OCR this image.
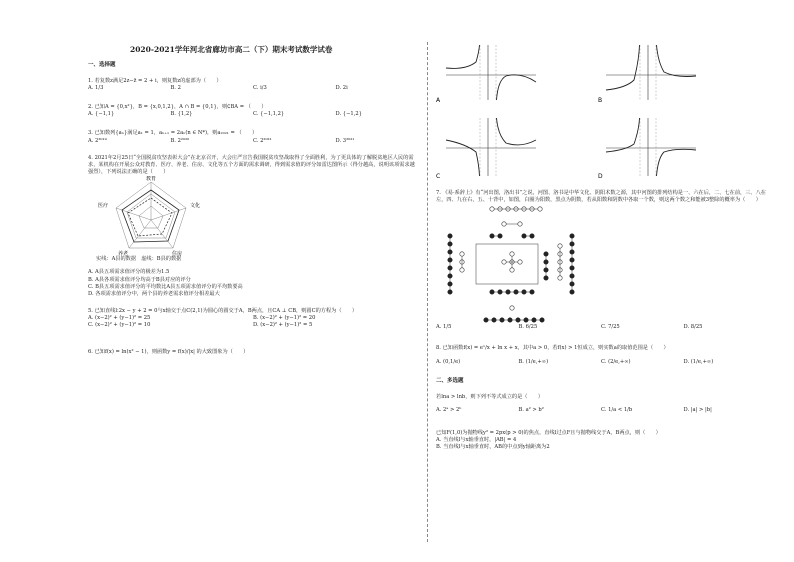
2020-2021学年河北省廊坊市高二（下）期末考试数学试卷
一、选择题
1. 若复数z满足2z−z̄ = 2 + i，则复数z的虚部为（　　）
A. 1/3	B. 2	C. i/3	D. 2i
2. 已知A = {0,x²}，B = {x,0,1,2}，A ∩ B = {0,1}，则∁BA = （　　）
A. {−1,1}	B. {1,2}	C. {−1,1,2}	D. {−1,2}
3. 已知数列{aₙ}满足a₁ = 1，aₙ₊₁ = 2aₙ(n ∈ N*)，则a₂₀₂₁ = （　　）
A. 2²⁰¹⁹	B. 2²⁰²⁰	C. 2²⁰²¹	D. 3²⁰²¹
4. 2021年2月25日“全国脱贫攻坚表彰大会”在北京召开，大会庄严宣告我国脱贫攻坚战取得了全面胜利，为了更具体的了解脱贫地区人民的需求，某机构在开展公众对教育、医疗、养老、住房、文化等五个方面的需求调研，得到需求值的评分如雷达图所示（得分越高，说明该项需求越强烈），下列说法正确的是（　　）
教育
文化
住房
养老
医疗
实线：A县的数据　虚线：B县的数据
A. A县五项需求值评分的极差为1.5
B. A县各项需求值评分均高于B县对应的评分
C. B县五项需求值评分的平均数比A县五项需求值评分的平均数要高
D. 各项需求值评分中，两个县的养老需求值评分相差最大
5. 已知直线l:2x − y + 2 = 0与x轴交于点C(2,1)为圆心的圆交于A，B两点，且CA ⊥ CB，则圆C的方程为（　　）
A. (x−2)² + (y−1)² = 25	B. (x−2)² + (y−1)² = 20
C. (x−2)² + (y−1)² = 10	D. (x−2)² + (y−1)² = 5
6. 已知f(x) = ln(x² − 1)，则函数y = f(x)/|x| 的大致图象为（　　）
A	B
C	D
7. 《易·系辞上》有“河出图，洛出书”之说，河图、洛书是中华文化、阴阳术数之源，其中河图的排列结构是一、六在后，二、七在前，三、八在左，四、九在右，五、十背中，如图，白圈为阳数，黑点为阴数，若从阳数和阴数中各取一个数，则这两个数之和能被3整除的概率为（　　）
A. 1/5	B. 6/25	C. 7/25	D. 8/25
8. 已知函数f(x) = eˣ/x + ln x + x，其中a > 0，若f(x) > 1恒成立，则实数a的取值范围是（　　）
A. (0,1/e)	B. (1/e,+∞)	C. (2/e,+∞)	D. (1/e,+∞)
二、多选题
若lna > lnb，则下列不等式成立的是（　　）
A. 2ᵃ > 2ᵇ	B. a² > b²	C. 1/a < 1/b	D. |a| > |b|
已知F(1,0)为抛物线y² = 2px(p > 0)的焦点，直线l过点F且与抛物线交于A，B两点，则（　　）
A. 当直线l与x轴垂直时，|AB| = 4
B. 当直线l与x轴垂直时，AB的中点到y轴距离为2
